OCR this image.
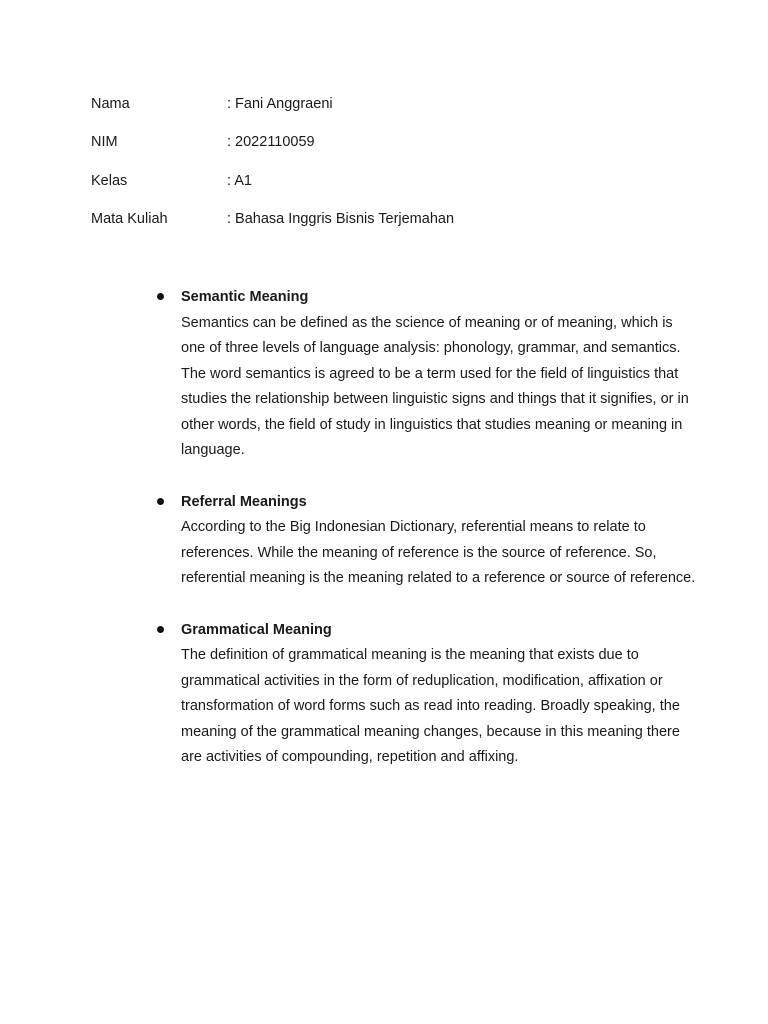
Nama	: Fani Anggraeni
NIM	: 2022110059
Kelas	: A1
Mata Kuliah	: Bahasa Inggris Bisnis Terjemahan
Semantic Meaning
Semantics can be defined as the science of meaning or of meaning, which is one of three levels of language analysis: phonology, grammar, and semantics. The word semantics is agreed to be a term used for the field of linguistics that studies the relationship between linguistic signs and things that it signifies, or in other words, the field of study in linguistics that studies meaning or meaning in language.
Referral Meanings
According to the Big Indonesian Dictionary, referential means to relate to references. While the meaning of reference is the source of reference. So, referential meaning is the meaning related to a reference or source of reference.
Grammatical Meaning
The definition of grammatical meaning is the meaning that exists due to grammatical activities in the form of reduplication, modification, affixation or transformation of word forms such as read into reading. Broadly speaking, the meaning of the grammatical meaning changes, because in this meaning there are activities of compounding, repetition and affixing.
